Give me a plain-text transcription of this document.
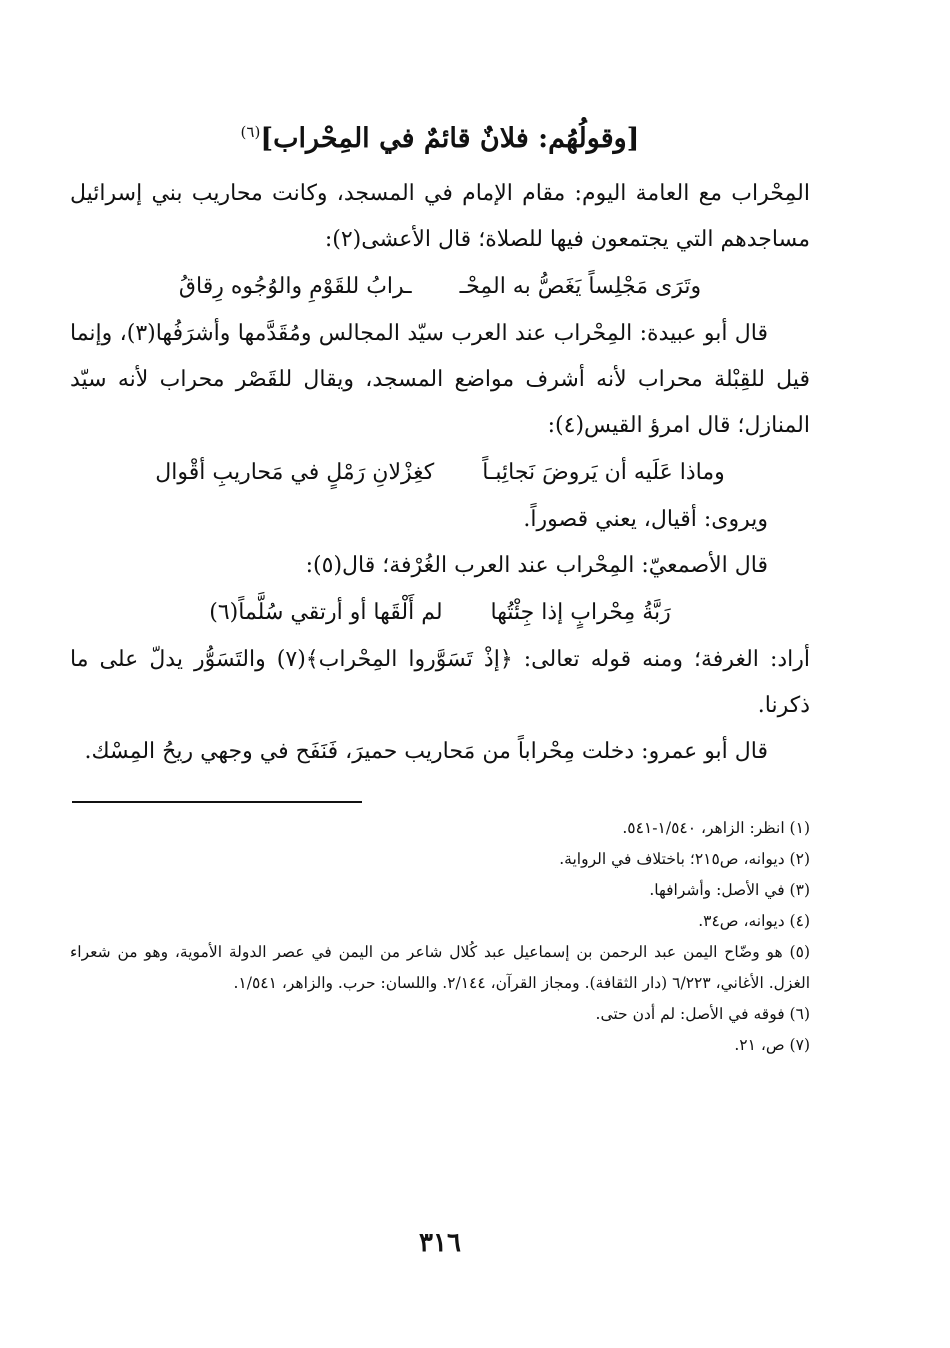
[وقولُهُم: فلانٌ قائمٌ في المِحْراب]$^{(٦)}$

المِحْراب مع العامة اليوم: مقام الإمام في المسجد، وكانت محاريب بني إسرائيل مساجدهم التي يجتمعون فيها للصلاة؛ قال الأعشى(٢):

وتَرَى مَجْلِساً يَغَصُّ به المِحْـ
ـرابُ للقَوْمِ والوُجُوه رِقاقُ

قال أبو عبيدة: المِحْراب عند العرب سيّد المجالس ومُقَدَّمها وأشرَفُها(٣)، وإنما قيل للقِبْلة محراب لأنه أشرف مواضع المسجد، ويقال للقَصْر محراب لأنه سيّد المنازل؛ قال امرؤ القيس(٤):

وماذا عَلَيه أن يَروضَ نَجائِبـاً
كغِزْلانِ رَمْلٍ في مَحاريبِ أقْوال

ويروى: أقيال، يعني قصوراً.

قال الأصمعيّ: المِحْراب عند العرب الغُرْفة؛ قال(٥):

رَبَّةُ مِحْرابٍ إذا جِئْتُها
لم أَلْقَها أو أرتقي سُلَّماً(٦)

أراد: الغرفة؛ ومنه قوله تعالى: ﴿إذْ تَسَوَّروا المِحْراب﴾(٧) والتَسَوُّر يدلّ على ما ذكرنا.

قال أبو عمرو: دخلت مِحْراباً من مَحاريب حميرَ، فَنَفَح في وجهي ريحُ المِسْك.

(١) انظر: الزاهر، ١/٥٤٠-٥٤١.

(٢) ديوانه، ص٢١٥؛ باختلاف في الرواية.

(٣) في الأصل: وأشرافها.

(٤) ديوانه، ص٣٤.

(٥) هو وضّاح اليمن عبد الرحمن بن إسماعيل عبد كُلال شاعر من اليمن في عصر الدولة الأموية، وهو من شعراء الغزل. الأغاني، ٦/٢٢٣ (دار الثقافة). ومجاز القرآن، ٢/١٤٤. واللسان: حرب. والزاهر، ١/٥٤١.

(٦) فوقه في الأصل: لم أدن حتى.

(٧) ص، ٢١.

٣١٦
